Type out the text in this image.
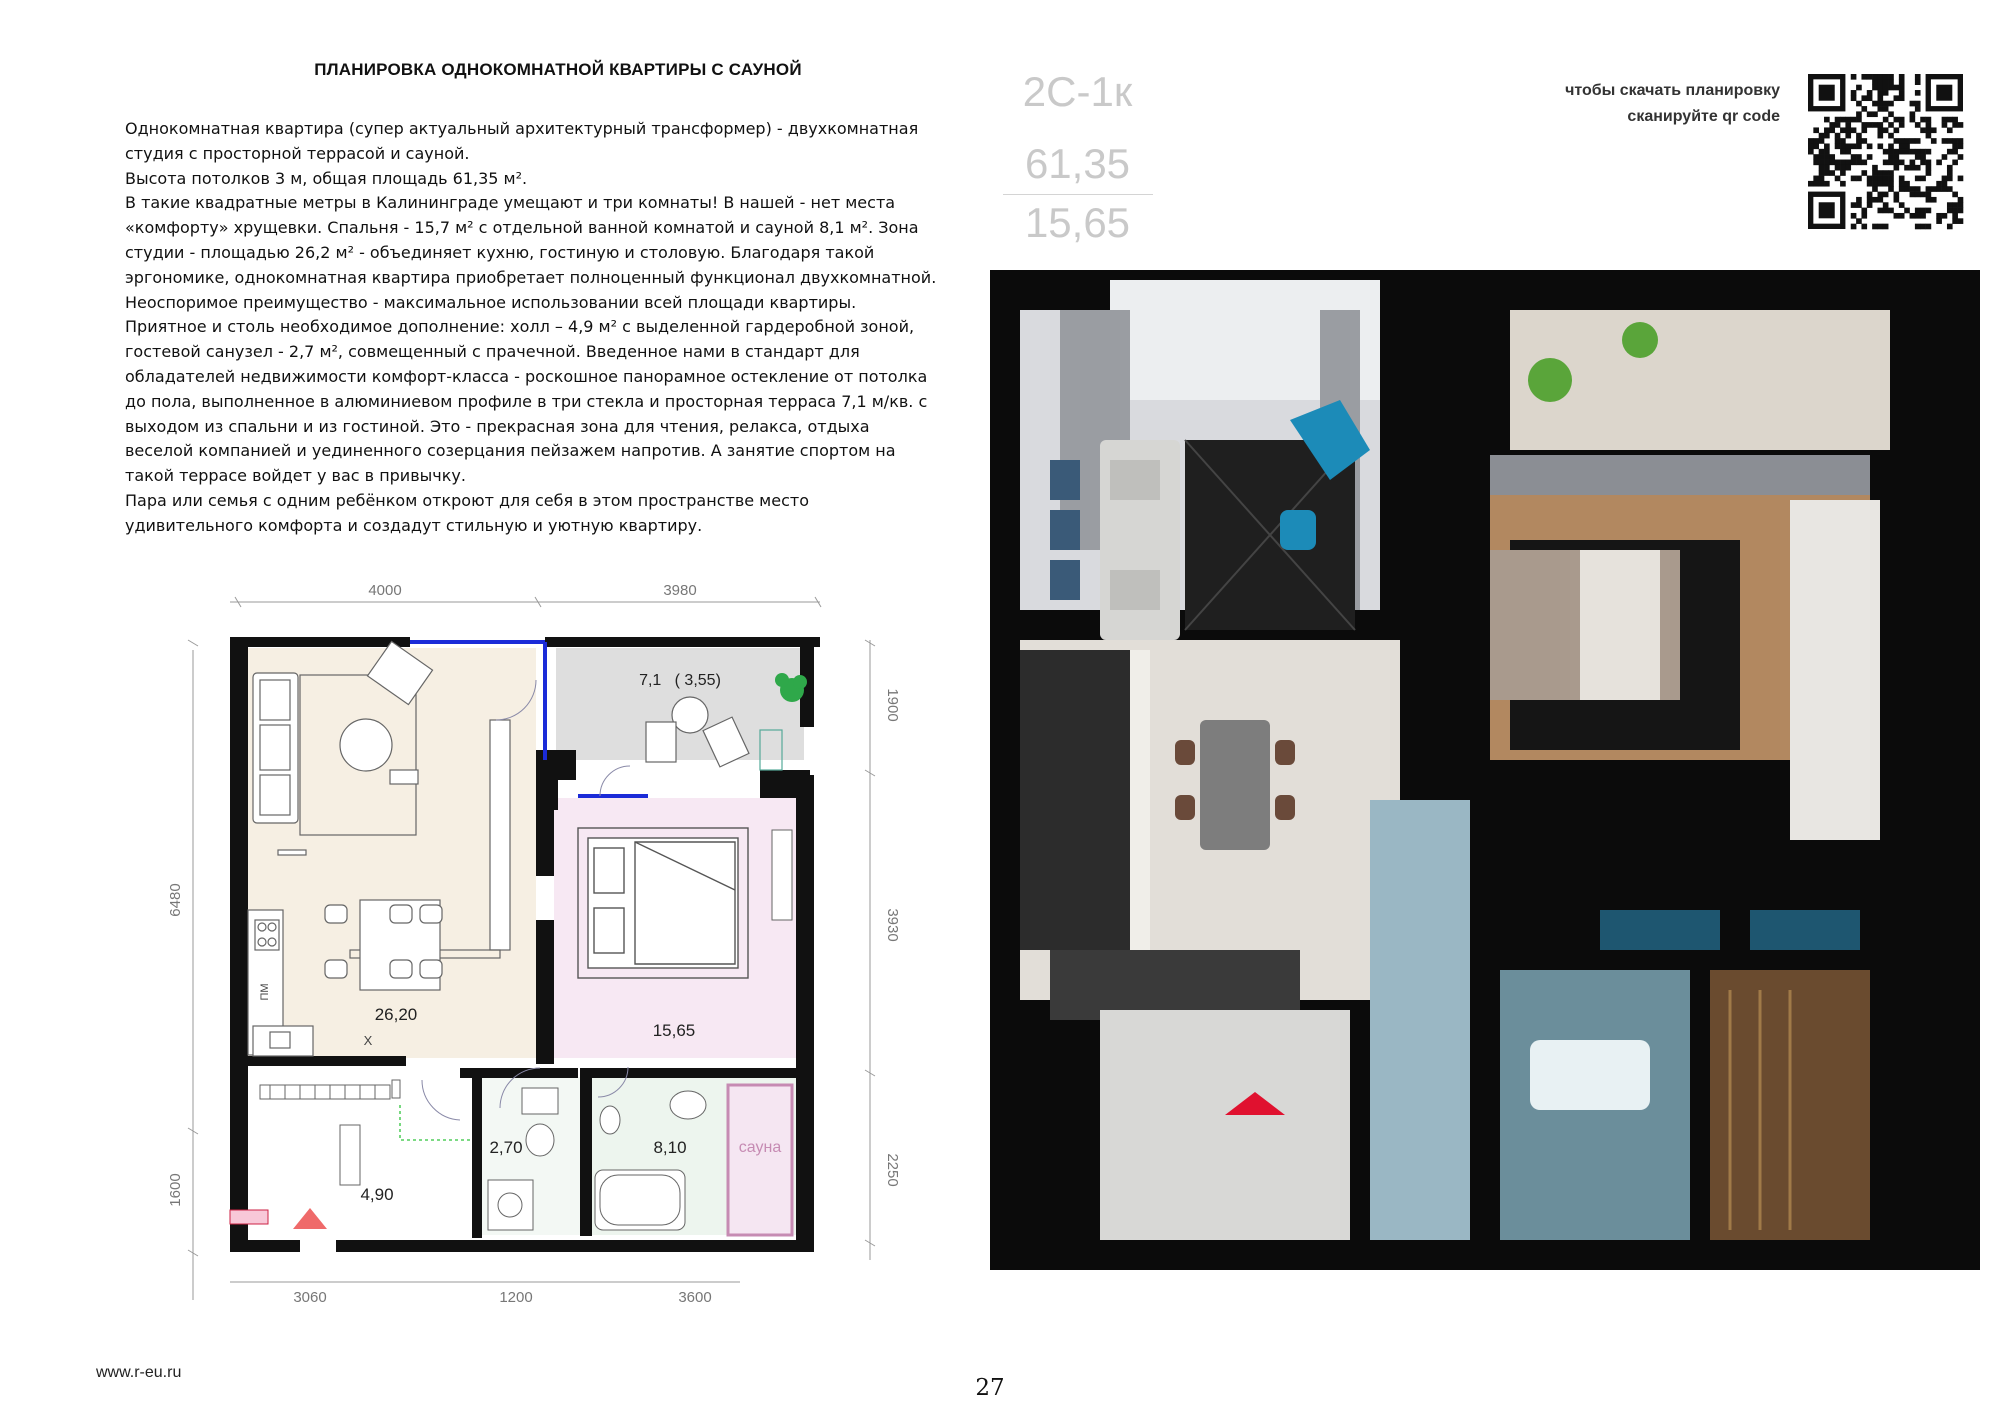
ПЛАНИРОВКА ОДНОКОМНАТНОЙ КВАРТИРЫ С САУНОЙ

Однокомнатная квартира (супер актуальный архитектурный трансформер) - двухкомнатная студия с просторной террасой и сауной.

Высота потолков 3 м, общая площадь 61,35 м².

В такие квадратные метры в Калининграде умещают и три комнаты! В нашей - нет места «комфорту» хрущевки. Спальня - 15,7 м² с отдельной ванной комнатой и сауной 8,1 м². Зона студии - площадью 26,2 м² - объединяет кухню, гостиную и столовую. Благодаря такой эргономике, однокомнатная квартира приобретает полноценный функционал двухкомнатной. Неоспоримое преимущество - максимальное использовании всей площади квартиры. Приятное и столь необходимое дополнение: холл – 4,9 м² с выделенной гардеробной зоной, гостевой санузел - 2,7 м², совмещенный с прачечной. Введенное нами в стандарт для обладателей недвижимости комфорт-класса - роскошное панорамное остекление от потолка до пола, выполненное в алюминиевом профиле в три стекла и просторная терраса 7,1 м/кв. с выходом из спальни и из гостиной. Это - прекрасная зона для чтения, релакса, отдыха веселой компанией и уединенного созерцания пейзажем напротив. А занятие спортом на такой террасе войдет у вас в привычку.

Пара или семья с одним ребёнком откроют для себя в этом пространстве место удивительного комфорта и создадут стильную и уютную квартиру.

2С-1к
61,35
15,65
чтобы скачать планировку
сканируйте qr code
4000	3980
3060	1200	3600
6480
1600
1900
3930
2250
ПМ
Х
26,20
15,65
7,1   ( 3,55)
4,90
2,70	8,10	сауна
www.r-eu.ru
27
